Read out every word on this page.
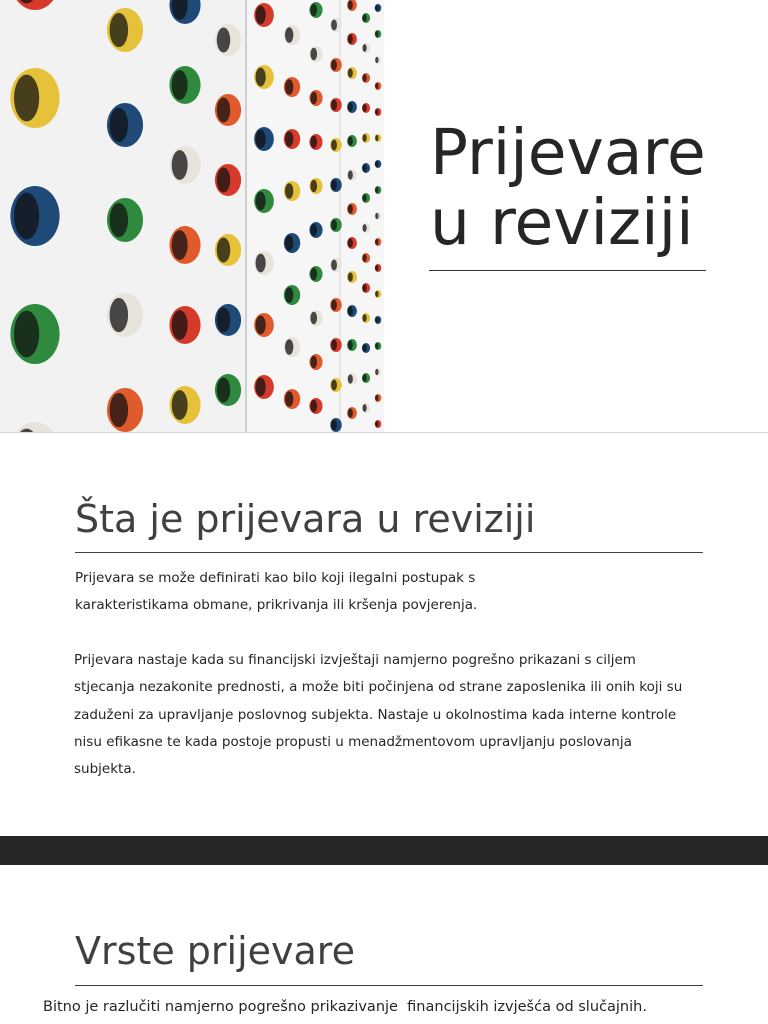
Prijevare
u reviziji
Šta je prijevara u reviziji

Prijevara se može definirati kao bilo koji ilegalni postupak s
karakteristikama obmane, prikrivanja ili kršenja povjerenja.

Prijevara nastaje kada su financijski izvještaji namjerno pogrešno prikazani s ciljem
stjecanja nezakonite prednosti, a može biti počinjena od strane zaposlenika ili onih koji su
zaduženi za upravljanje poslovnog subjekta. Nastaje u okolnostima kada interne kontrole
nisu efikasne te kada postoje propusti u menadžmentovom upravljanju poslovanja
subjekta.

Vrste prijevare

Bitno je razlučiti namjerno pogrešno prikazivanje  financijskih izvješća od slučajnih.
